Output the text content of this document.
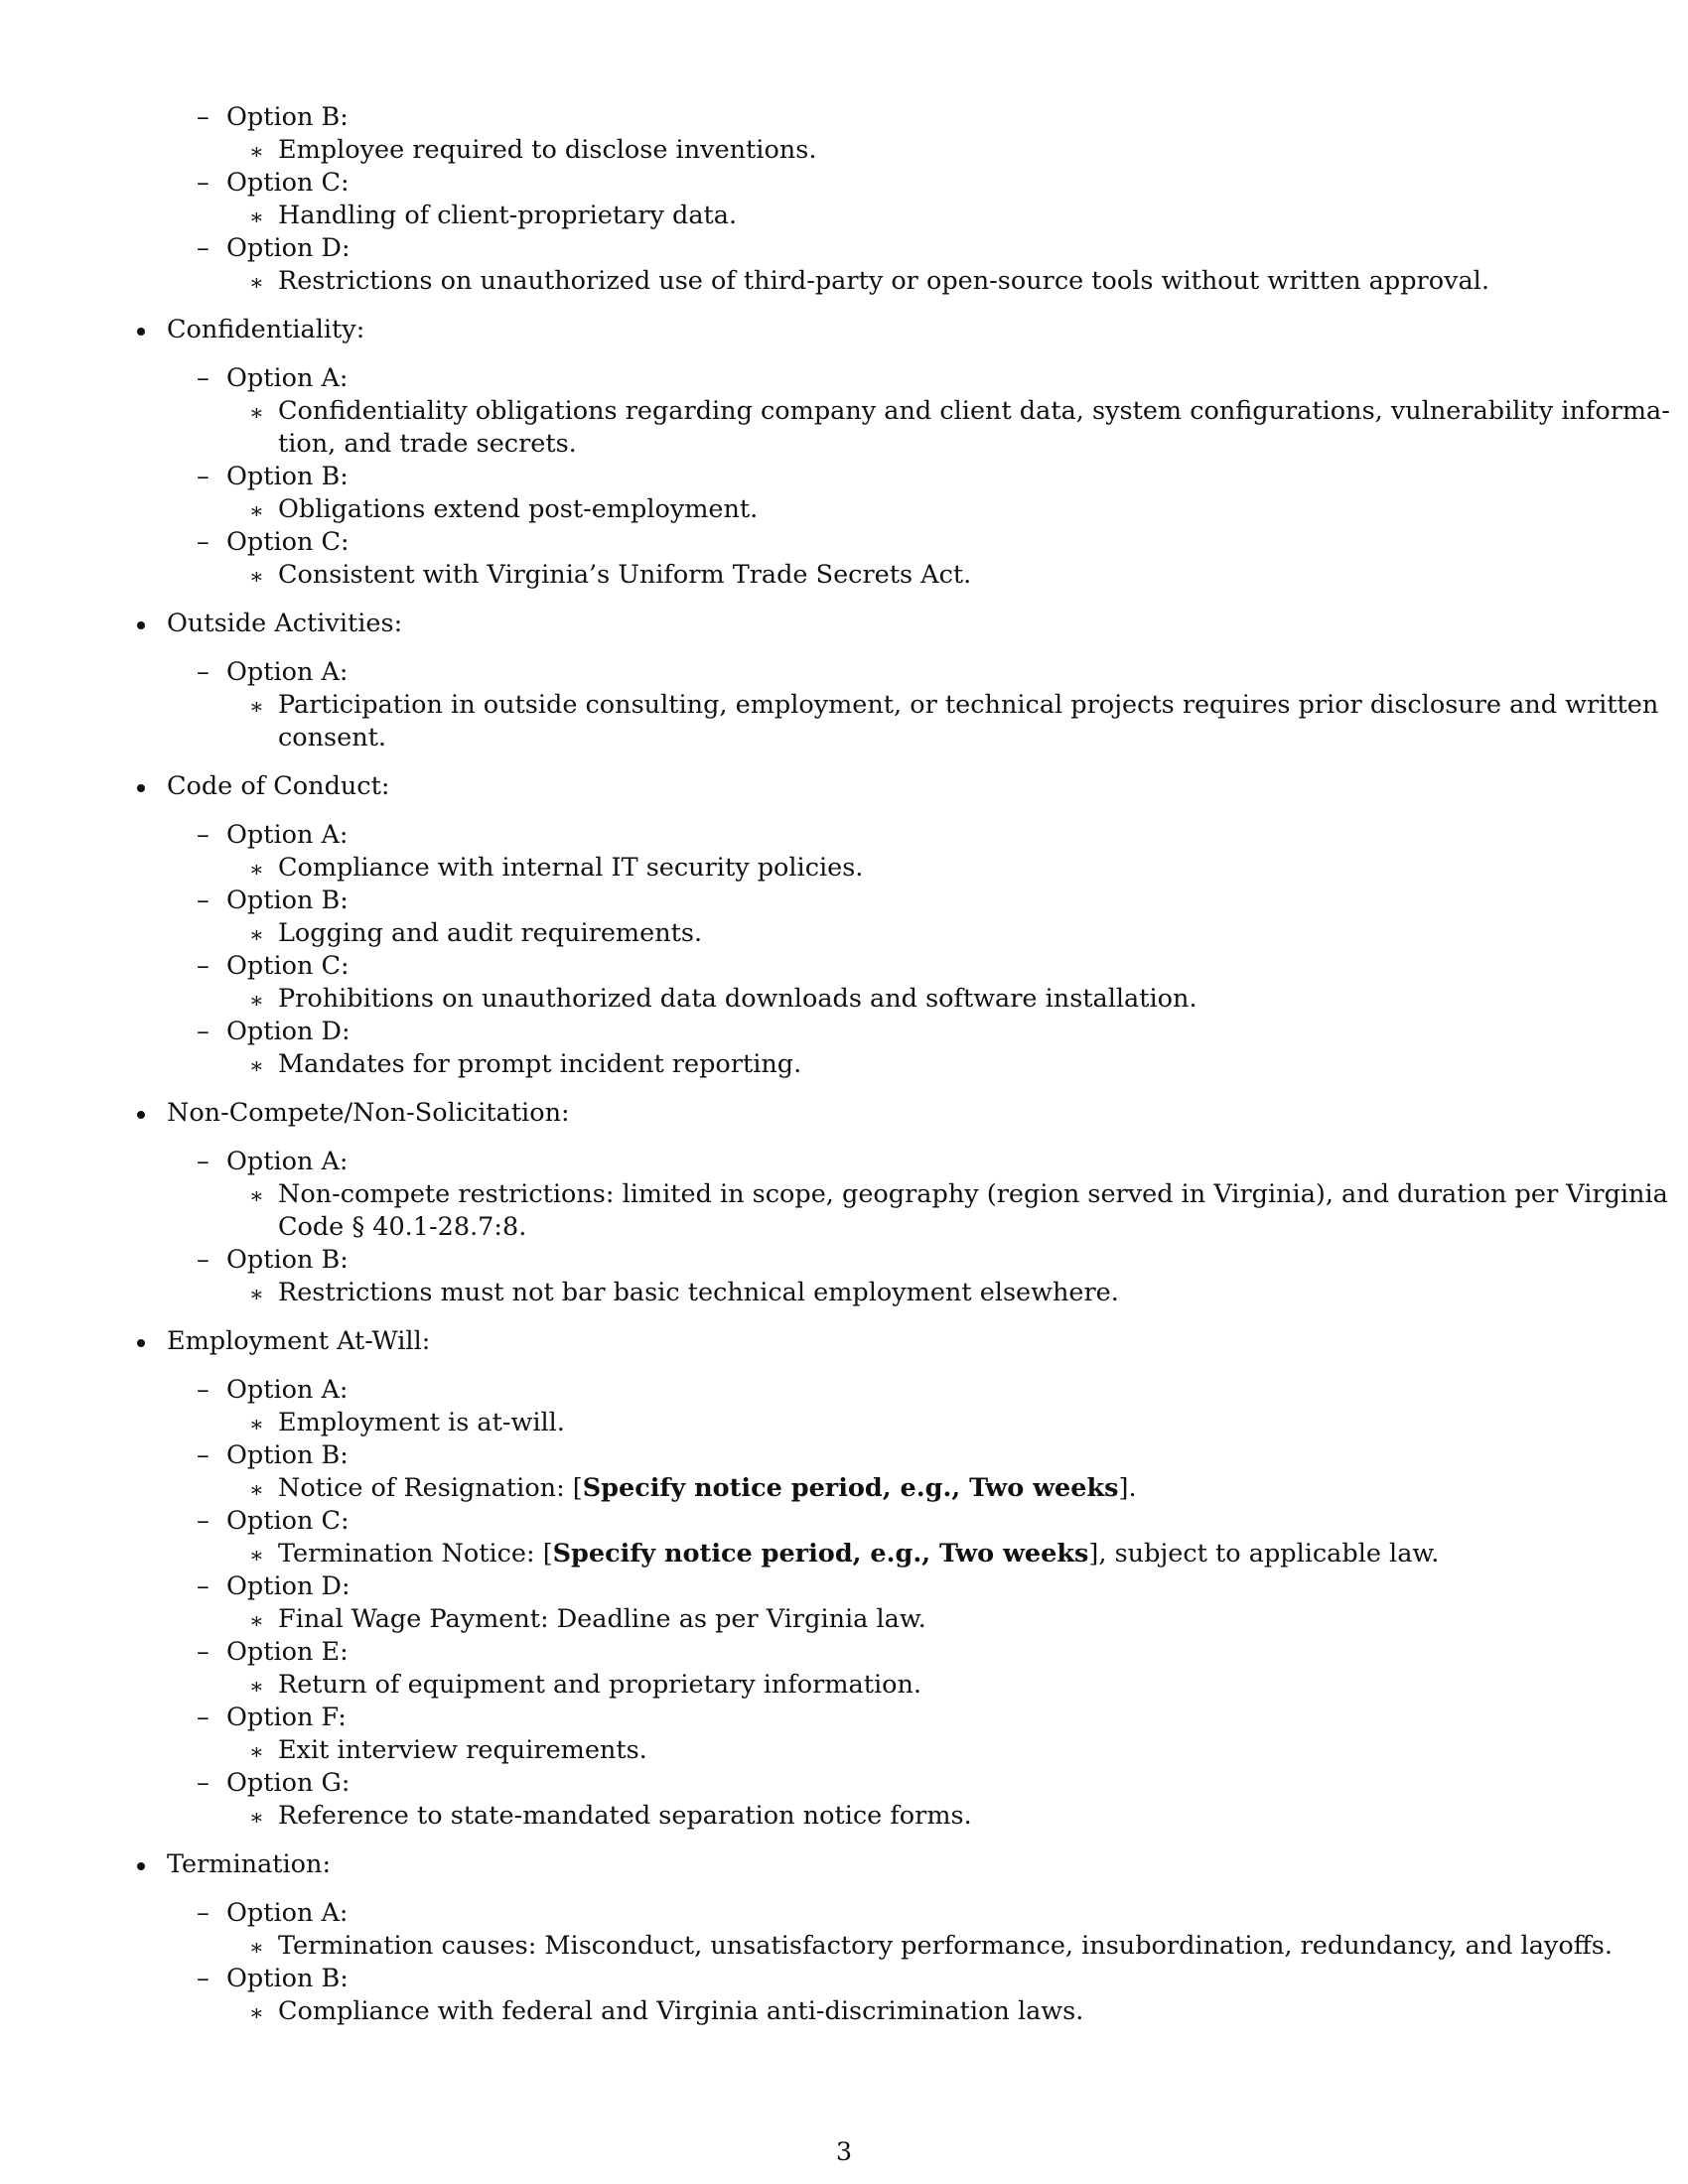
– Option B:
∗ Employee required to disclose inventions.
– Option C:
∗ Handling of client-proprietary data.
– Option D:
∗ Restrictions on unauthorized use of third-party or open-source tools without written approval.
Confidentiality:
– Option A:
∗ Confidentiality obligations regarding company and client data, system configurations, vulnerability informa-
tion, and trade secrets.
– Option B:
∗ Obligations extend post-employment.
– Option C:
∗ Consistent with Virginia’s Uniform Trade Secrets Act.
Outside Activities:
– Option A:
∗ Participation in outside consulting, employment, or technical projects requires prior disclosure and written
consent.
Code of Conduct:
– Option A:
∗ Compliance with internal IT security policies.
– Option B:
∗ Logging and audit requirements.
– Option C:
∗ Prohibitions on unauthorized data downloads and software installation.
– Option D:
∗ Mandates for prompt incident reporting.
Non-Compete/Non-Solicitation:
– Option A:
∗ Non-compete restrictions: limited in scope, geography (region served in Virginia), and duration per Virginia
Code § 40.1-28.7:8.
– Option B:
∗ Restrictions must not bar basic technical employment elsewhere.
Employment At-Will:
– Option A:
∗ Employment is at-will.
– Option B:
∗ Notice of Resignation: [Specify notice period, e.g., Two weeks].
– Option C:
∗ Termination Notice: [Specify notice period, e.g., Two weeks], subject to applicable law.
– Option D:
∗ Final Wage Payment: Deadline as per Virginia law.
– Option E:
∗ Return of equipment and proprietary information.
– Option F:
∗ Exit interview requirements.
– Option G:
∗ Reference to state-mandated separation notice forms.
Termination:
– Option A:
∗ Termination causes: Misconduct, unsatisfactory performance, insubordination, redundancy, and layoffs.
– Option B:
∗ Compliance with federal and Virginia anti-discrimination laws.
3
